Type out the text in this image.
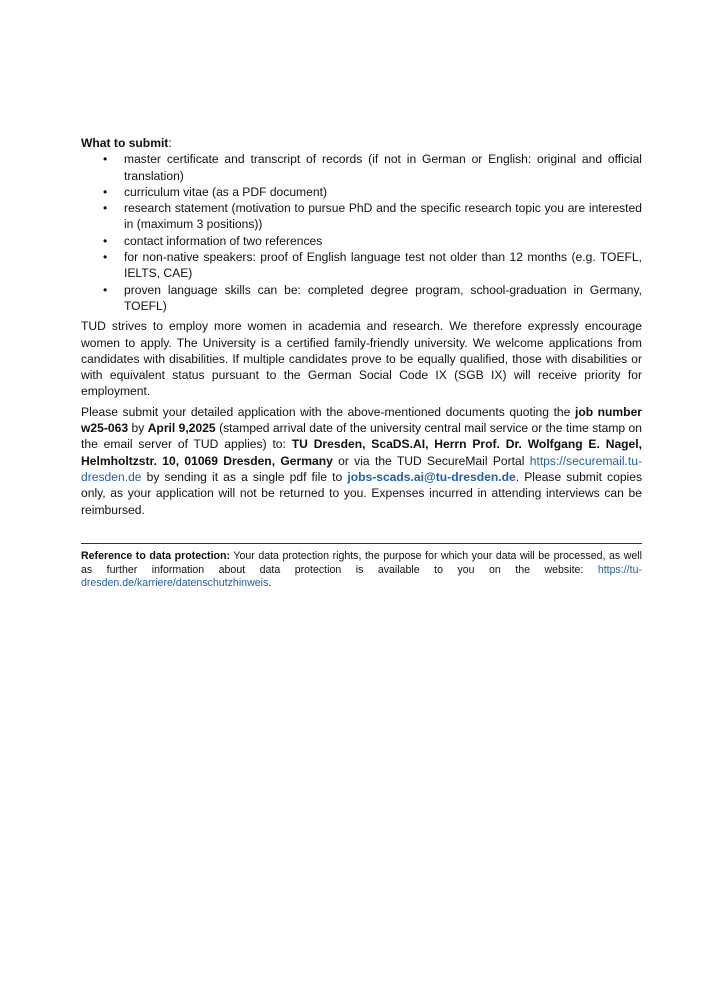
What to submit:

• master certificate and transcript of records (if not in German or English: original and official translation)
• curriculum vitae (as a PDF document)
• research statement (motivation to pursue PhD and the specific research topic you are interested in (maximum 3 positions))
• contact information of two references
• for non-native speakers: proof of English language test not older than 12 months (e.g. TOEFL, IELTS, CAE)
• proven language skills can be: completed degree program, school-graduation in Germany, TOEFL)

TUD strives to employ more women in academia and research. We therefore expressly encourage women to apply. The University is a certified family-friendly university. We welcome applications from candidates with disabilities. If multiple candidates prove to be equally qualified, those with disabilities or with equivalent status pursuant to the German Social Code IX (SGB IX) will receive priority for employment.

Please submit your detailed application with the above-mentioned documents quoting the job number w25-063 by April 9,2025 (stamped arrival date of the university central mail service or the time stamp on the email server of TUD applies) to: TU Dresden, ScaDS.AI, Herrn Prof. Dr. Wolfgang E. Nagel, Helmholtzstr. 10, 01069 Dresden, Germany or via the TUD SecureMail Portal https://securemail.tu-dresden.de by sending it as a single pdf file to jobs-scads.ai@tu-dresden.de. Please submit copies only, as your application will not be returned to you. Expenses incurred in attending interviews can be reimbursed.

Reference to data protection: Your data protection rights, the purpose for which your data will be processed, as well as further information about data protection is available to you on the website: https://tu-dresden.de/karriere/datenschutzhinweis.
